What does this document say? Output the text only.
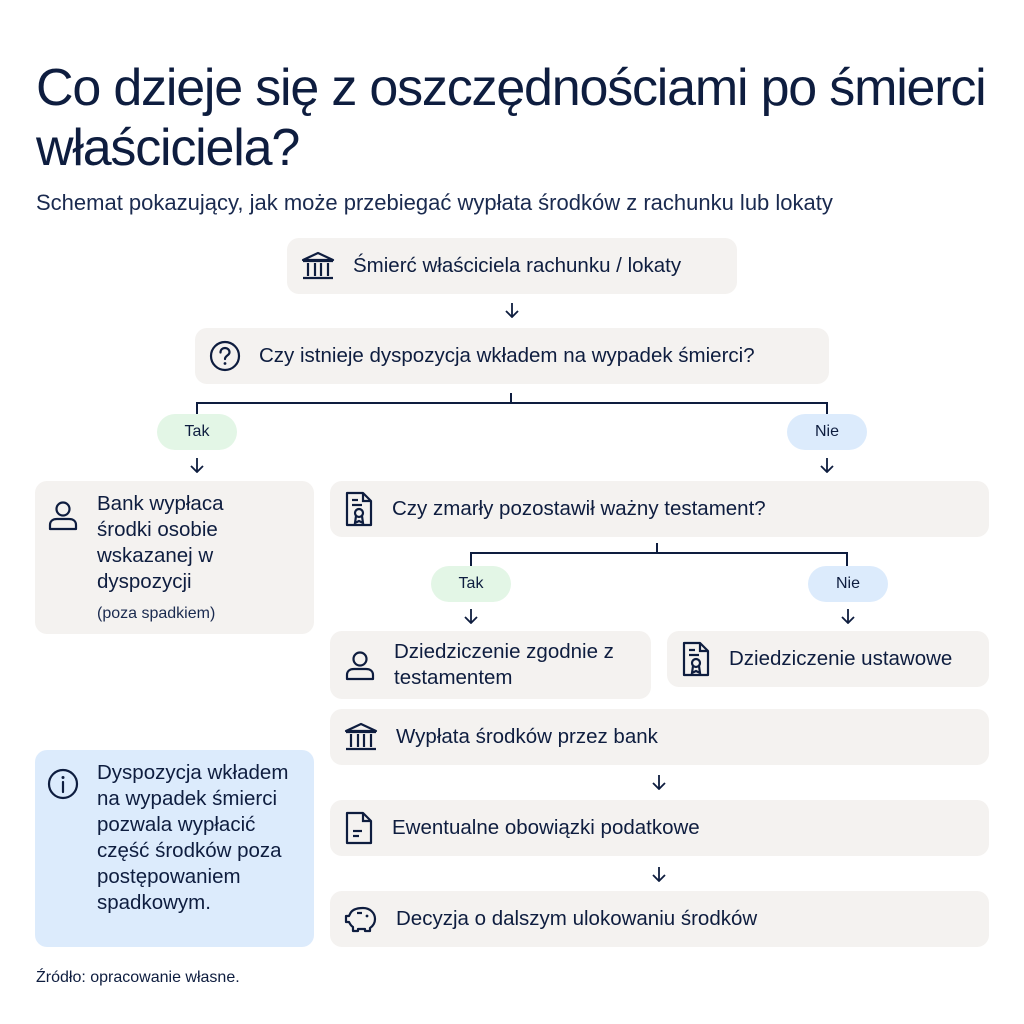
Co dzieje się z oszczędnościami po śmierci właściciela?
Schemat pokazujący, jak może przebiegać wypłata środków z rachunku lub lokaty
Śmierć właściciela rachunku / lokaty
Czy istnieje dyspozycja wkładem na wypadek śmierci?
Tak	Nie
Bank wypłaca środki osobie wskazanej w dyspozycji
(poza spadkiem)
Czy zmarły pozostawił ważny testament?
Tak	Nie
Dziedziczenie zgodnie z testamentem
Dziedziczenie ustawowe
Wypłata środków przez bank
Ewentualne obowiązki podatkowe
Decyzja o dalszym ulokowaniu środków
Dyspozycja wkładem na wypadek śmierci pozwala wypłacić część środków poza postępowaniem spadkowym.
Źródło: opracowanie własne.
